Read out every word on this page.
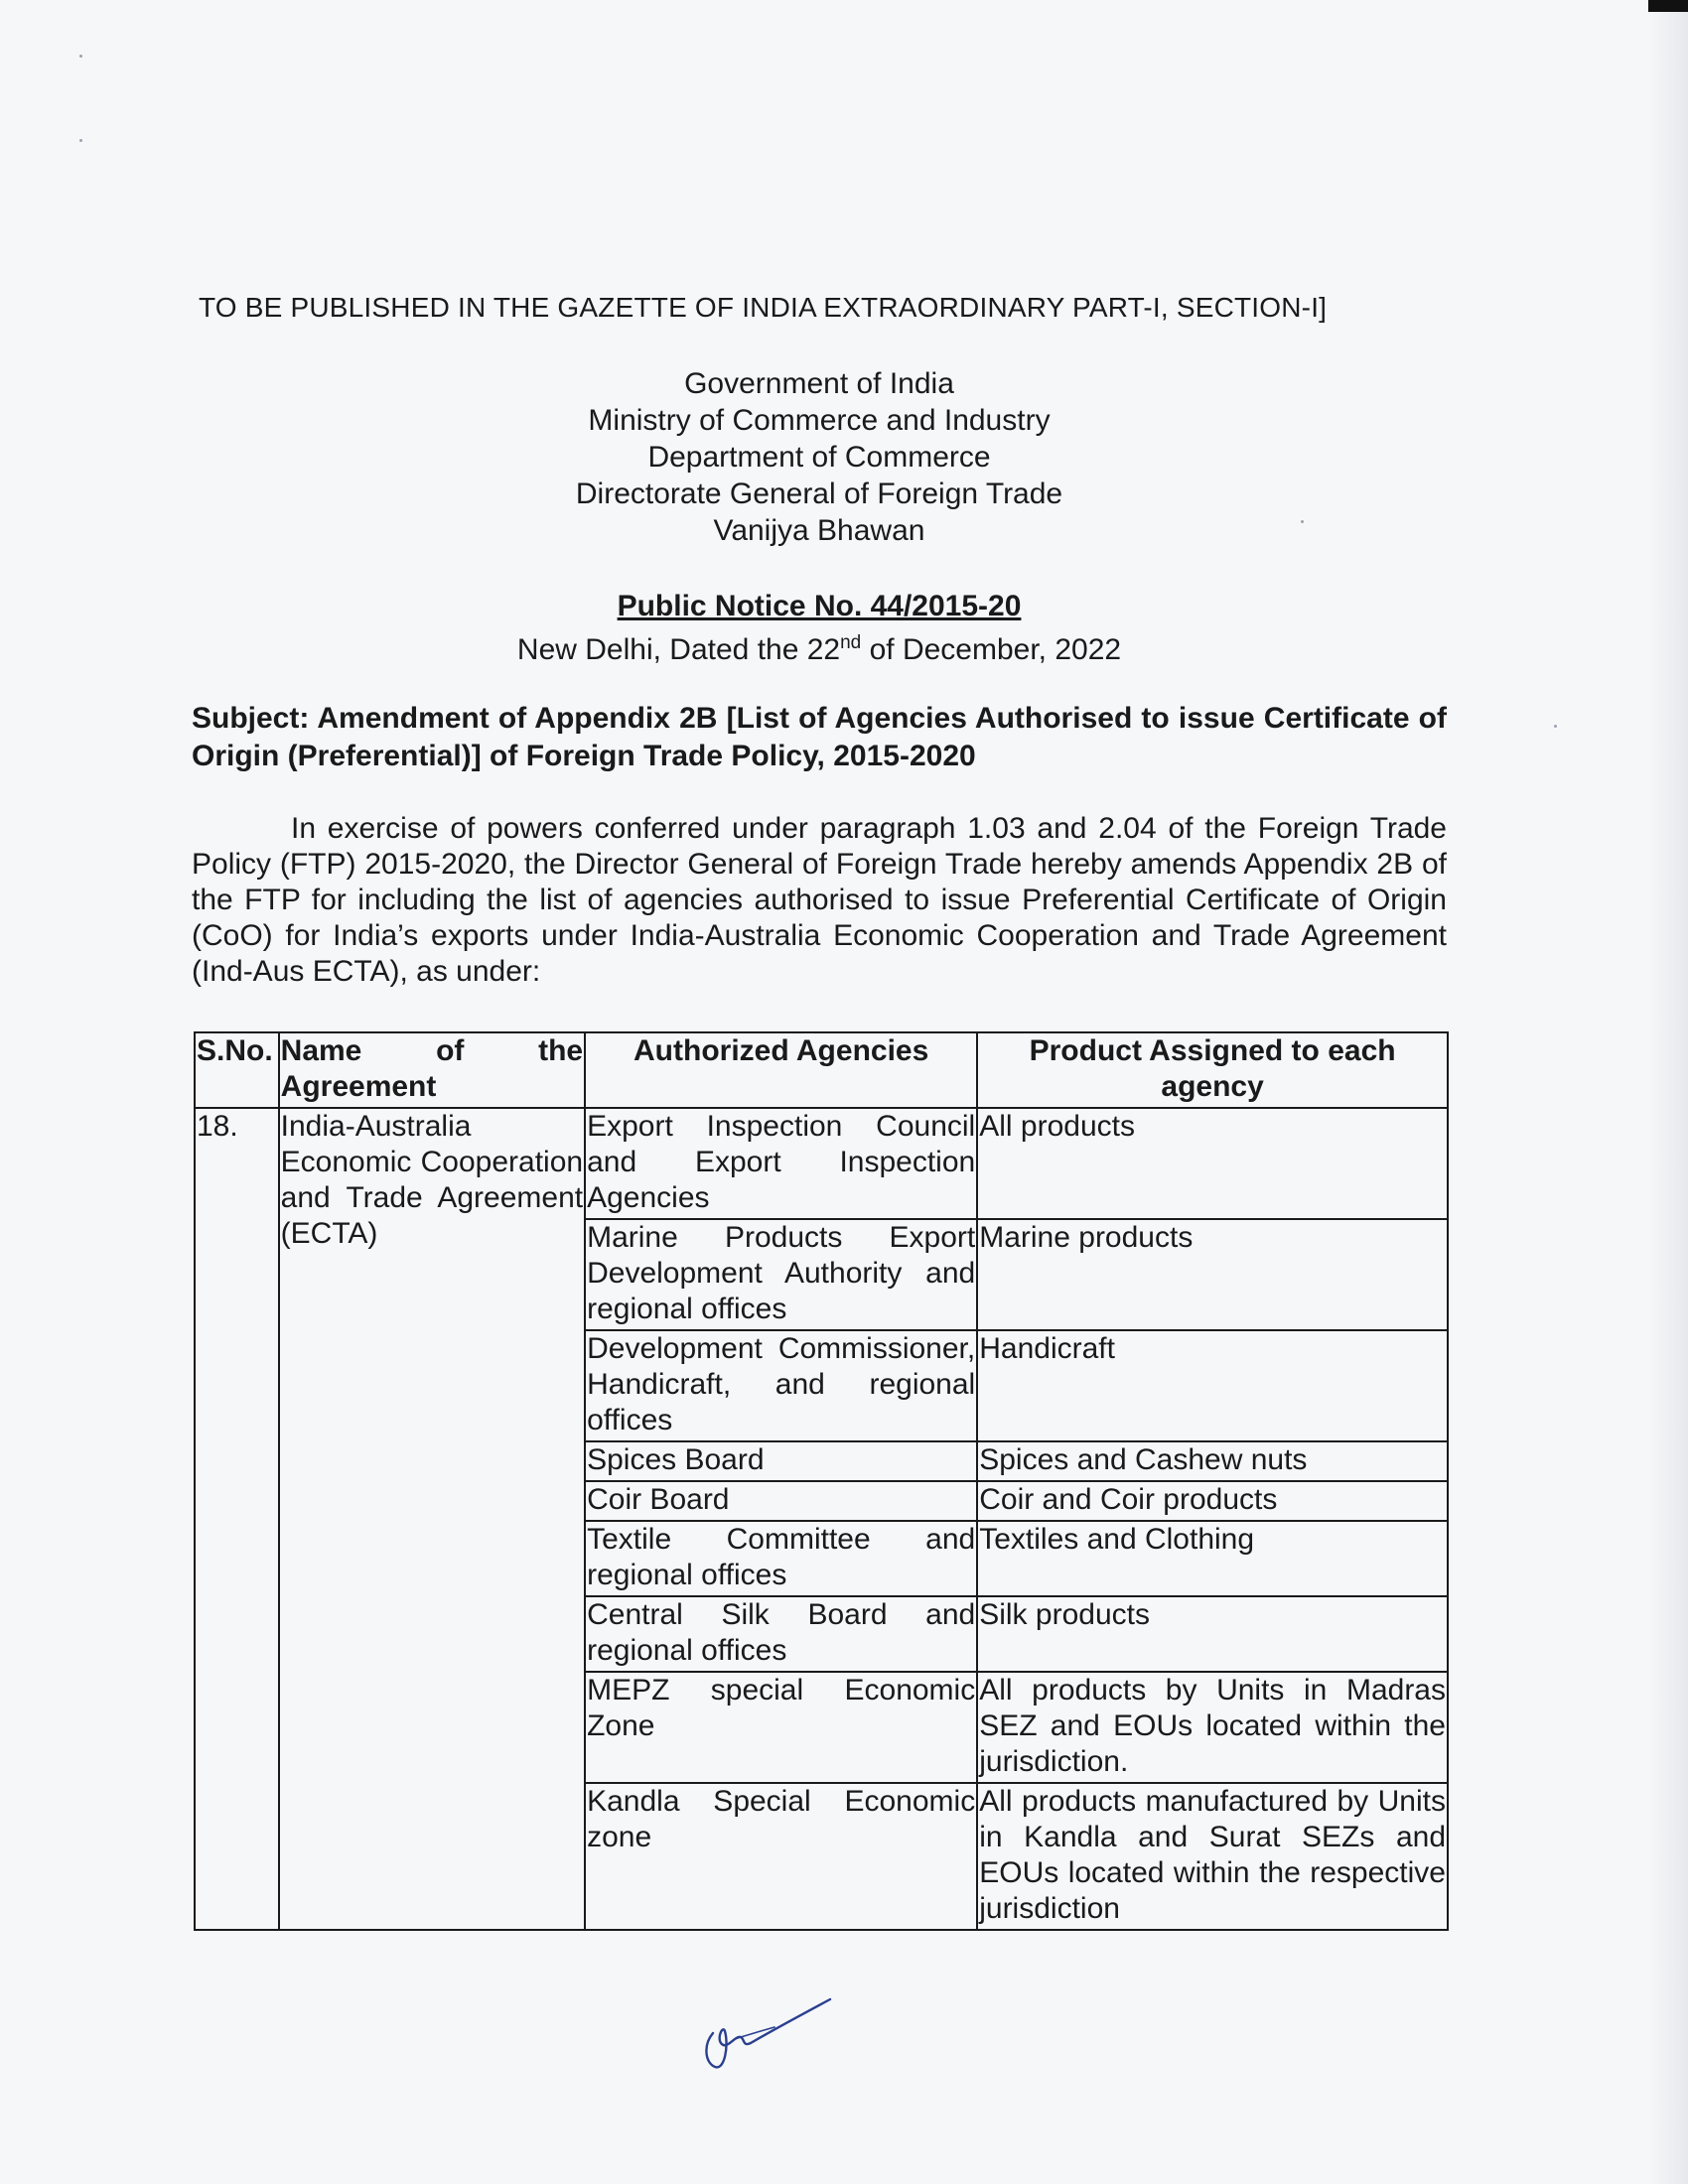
TO BE PUBLISHED IN THE GAZETTE OF INDIA EXTRAORDINARY PART-I, SECTION-I]
Government of India
Ministry of Commerce and Industry
Department of Commerce
Directorate General of Foreign Trade
Vanijya Bhawan
Public Notice No. 44/2015-20
New Delhi, Dated the 22nd of December, 2022
Subject: Amendment of Appendix 2B [List of Agencies Authorised to issue Certificate of Origin (Preferential)] of Foreign Trade Policy, 2015-2020
In exercise of powers conferred under paragraph 1.03 and 2.04 of the Foreign Trade Policy (FTP) 2015-2020, the Director General of Foreign Trade hereby amends Appendix 2B of the FTP for including the list of agencies authorised to issue Preferential Certificate of Origin (CoO) for India’s exports under India-Australia Economic Cooperation and Trade Agreement (Ind-Aus ECTA), as under:
S.No.	Name of the Agreement	Authorized Agencies	Product Assigned to each agency
18.	India-Australia Economic Cooperation and Trade Agreement (ECTA)	Export Inspection Council and Export Inspection Agencies	All products
		Marine Products Export Development Authority and regional offices	Marine products
		Development Commissioner, Handicraft, and regional offices	Handicraft
		Spices Board	Spices and Cashew nuts
		Coir Board	Coir and Coir products
		Textile Committee and regional offices	Textiles and Clothing
		Central Silk Board and regional offices	Silk products
		MEPZ special Economic Zone	All products by Units in Madras SEZ and EOUs located within the jurisdiction.
		Kandla Special Economic zone	All products manufactured by Units in Kandla and Surat SEZs and EOUs located within the respective jurisdiction
